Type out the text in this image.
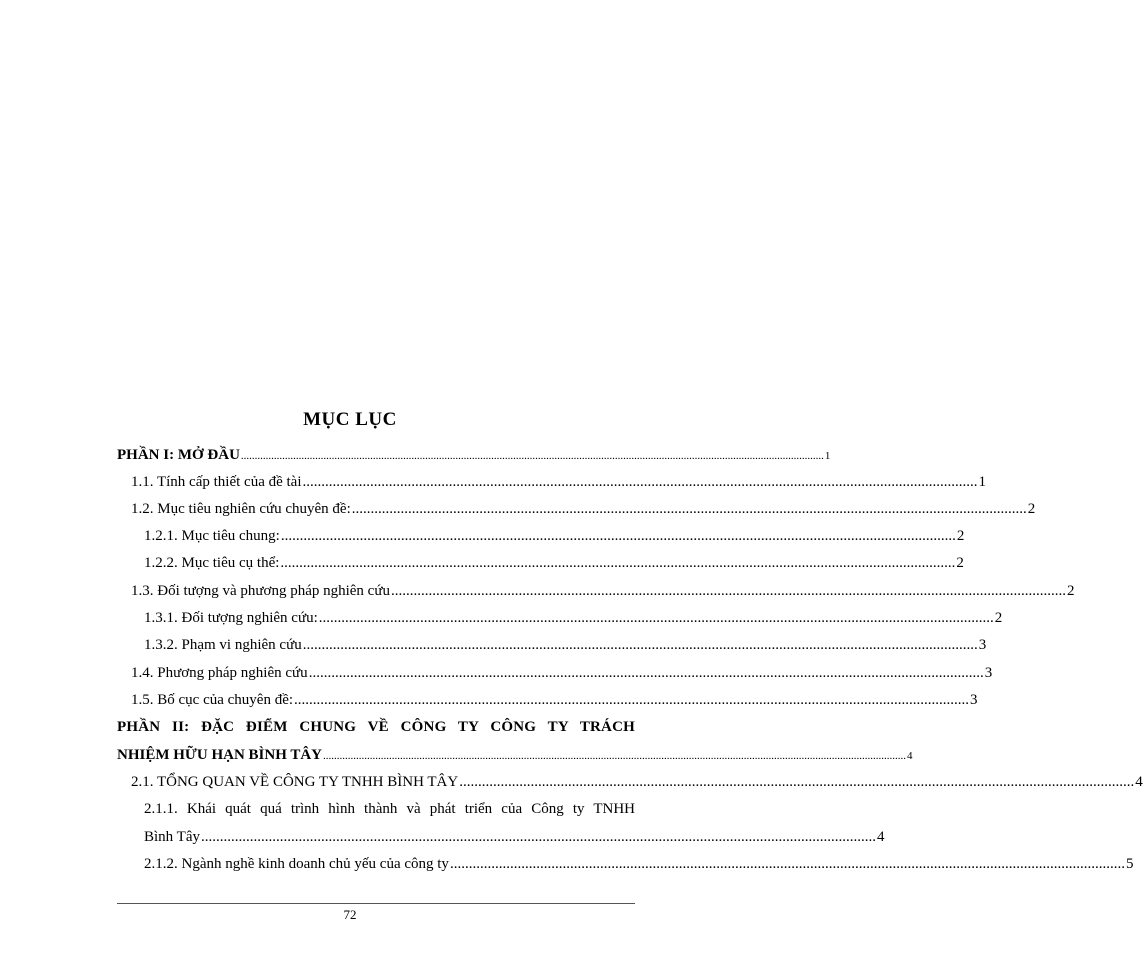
MỤC LỤC
PHẦN I: MỞ ĐẦU .................................................................................................................................................................................................................... 1
1.1. Tính cấp thiết của đề tài .................................................................................................................................................................................... 1
1.2. Mục tiêu nghiên cứu chuyên đề: .................................................................................................................................................................................... 2
1.2.1. Mục tiêu chung: .................................................................................................................................................................................... 2
1.2.2. Mục tiêu cụ thể: .................................................................................................................................................................................... 2
1.3. Đối tượng và phương pháp nghiên cứu .................................................................................................................................................................................... 2
1.3.1. Đối tượng nghiên cứu: .................................................................................................................................................................................... 2
1.3.2. Phạm vi nghiên cứu .................................................................................................................................................................................... 3
1.4. Phương pháp nghiên cứu .................................................................................................................................................................................... 3
1.5. Bố cục của chuyên đề: .................................................................................................................................................................................... 3
PHẦN II: ĐẶC ĐIỂM CHUNG VỀ CÔNG TY CÔNG TY TRÁCH
NHIỆM HỮU HẠN BÌNH TÂY .................................................................................................................................................................................................................... 4
2.1. TỔNG QUAN VỀ CÔNG TY TNHH BÌNH TÂY .................................................................................................................................................................................... 4
2.1.1. Khái quát quá trình hình thành và phát triển của Công ty TNHH
Bình Tây .................................................................................................................................................................................... 4
2.1.2. Ngành nghề kinh doanh chủ yếu của công ty .................................................................................................................................................................................... 5
72
